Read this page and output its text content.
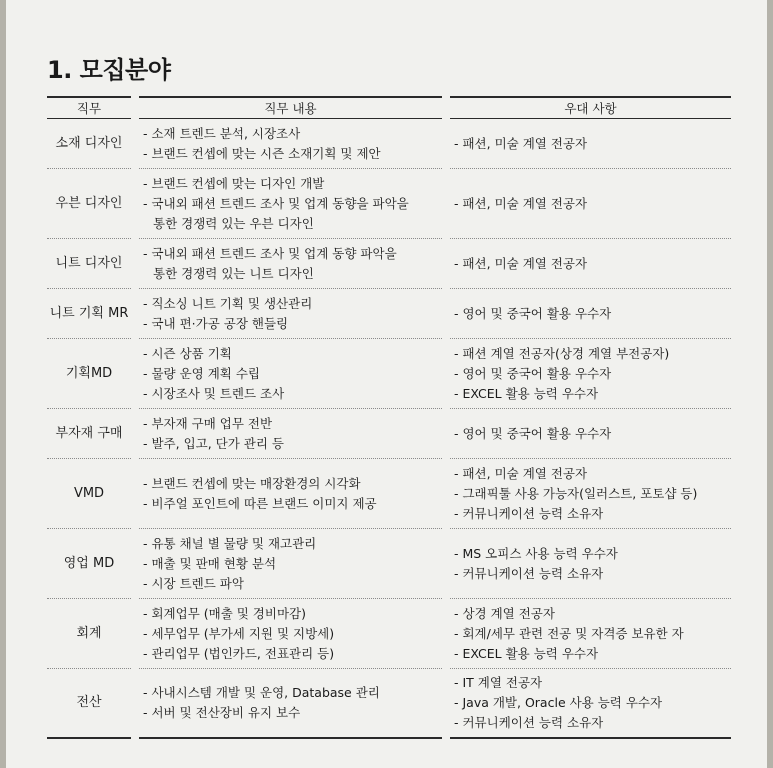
1. 모집분야
직무	직무 내용	우대 사항
소재 디자인	- 소재 트렌드 분석, 시장조사
- 브랜드 컨셉에 맞는 시즌 소재기획 및 제안	- 패션, 미술 계열 전공자

우븐 디자인	- 브랜드 컨셉에 맞는 디자인 개발
- 국내외 패션 트렌드 조사 및 업계 동향을 파악을
통한 경쟁력 있는 우븐 디자인	- 패션, 미술 계열 전공자

니트 디자인	- 국내외 패션 트렌드 조사 및 업계 동향 파악을
통한 경쟁력 있는 니트 디자인	- 패션, 미술 계열 전공자

니트 기획 MR	- 직소싱 니트 기획 및 생산관리
- 국내 편·가공 공장 핸들링	- 영어 및 중국어 활용 우수자

기획MD	- 시즌 상품 기획
- 물량 운영 계획 수립
- 시장조사 및 트렌드 조사	- 패션 계열 전공자(상경 계열 부전공자)
- 영어 및 중국어 활용 우수자
- EXCEL 활용 능력 우수자

부자재 구매	- 부자재 구매 업무 전반
- 발주, 입고, 단가 관리 등	- 영어 및 중국어 활용 우수자

VMD	- 브랜드 컨셉에 맞는 매장환경의 시각화
- 비주얼 포인트에 따른 브랜드 이미지 제공	- 패션, 미술 계열 전공자
- 그래픽툴 사용 가능자(일러스트, 포토샵 등)
- 커뮤니케이션 능력 소유자

영업 MD	- 유통 채널 별 물량 및 재고관리
- 매출 및 판매 현황 분석
- 시장 트렌드 파악	- MS 오피스 사용 능력 우수자
- 커뮤니케이션 능력 소유자

회계	- 회계업무 (매출 및 경비마감)
- 세무업무 (부가세 지원 및 지방세)
- 관리업무 (법인카드, 전표관리 등)	- 상경 계열 전공자
- 회계/세무 관련 전공 및 자격증 보유한 자
- EXCEL 활용 능력 우수자

전산	- 사내시스템 개발 및 운영, Database 관리
- 서버 및 전산장비 유지 보수	- IT 계열 전공자
- Java 개발, Oracle 사용 능력 우수자
- 커뮤니케이션 능력 소유자
